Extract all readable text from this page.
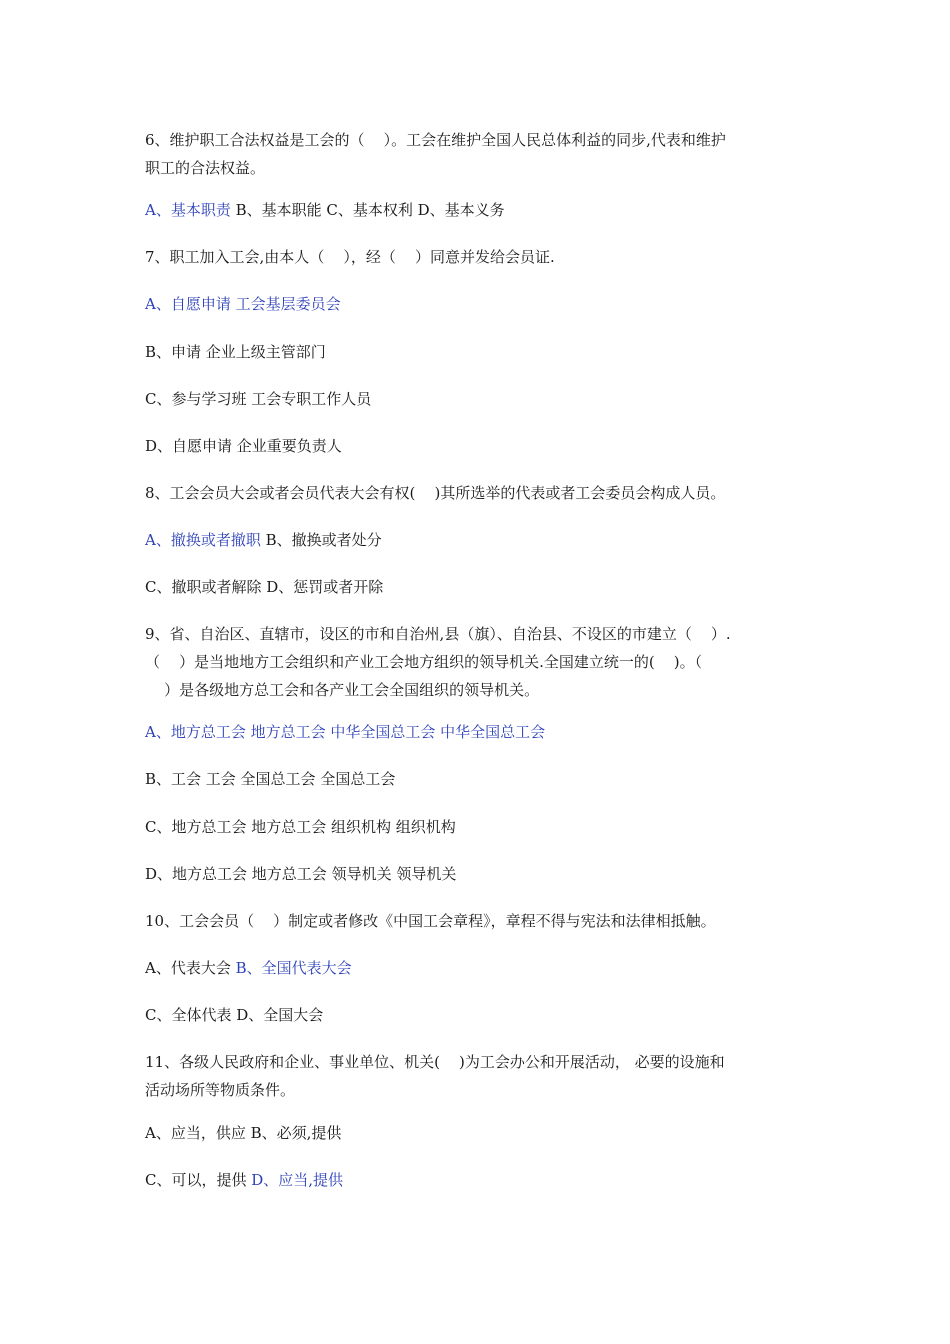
6、维护职工合法权益是工会的（    ）。工会在维护全国人民总体利益的同步,代表和维护

职工的合法权益。

A、基本职责 B、基本职能 C、基本权利 D、基本义务

7、职工加入工会,由本人（    ），经（    ）同意并发给会员证.

A、自愿申请 工会基层委员会

B、申请 企业上级主管部门

C、参与学习班 工会专职工作人员

D、自愿申请 企业重要负责人

8、工会会员大会或者会员代表大会有权(    )其所选举的代表或者工会委员会构成人员。

A、撤换或者撤职 B、撤换或者处分

C、撤职或者解除 D、惩罚或者开除

9、省、自治区、直辖市，设区的市和自治州,县（旗）、自治县、不设区的市建立（    ）.

（    ）是当地地方工会组织和产业工会地方组织的领导机关.全国建立统一的(    )。（

）是各级地方总工会和各产业工会全国组织的领导机关。

A、地方总工会 地方总工会 中华全国总工会 中华全国总工会

B、工会 工会 全国总工会 全国总工会

C、地方总工会 地方总工会 组织机构 组织机构

D、地方总工会 地方总工会 领导机关 领导机关

10、工会会员（    ）制定或者修改《中国工会章程》，章程不得与宪法和法律相抵触。

A、代表大会 B、全国代表大会

C、全体代表 D、全国大会

11、各级人民政府和企业、事业单位、机关(    )为工会办公和开展活动， 必要的设施和

活动场所等物质条件。

A、应当，供应 B、必须,提供

C、可以，提供 D、应当,提供
